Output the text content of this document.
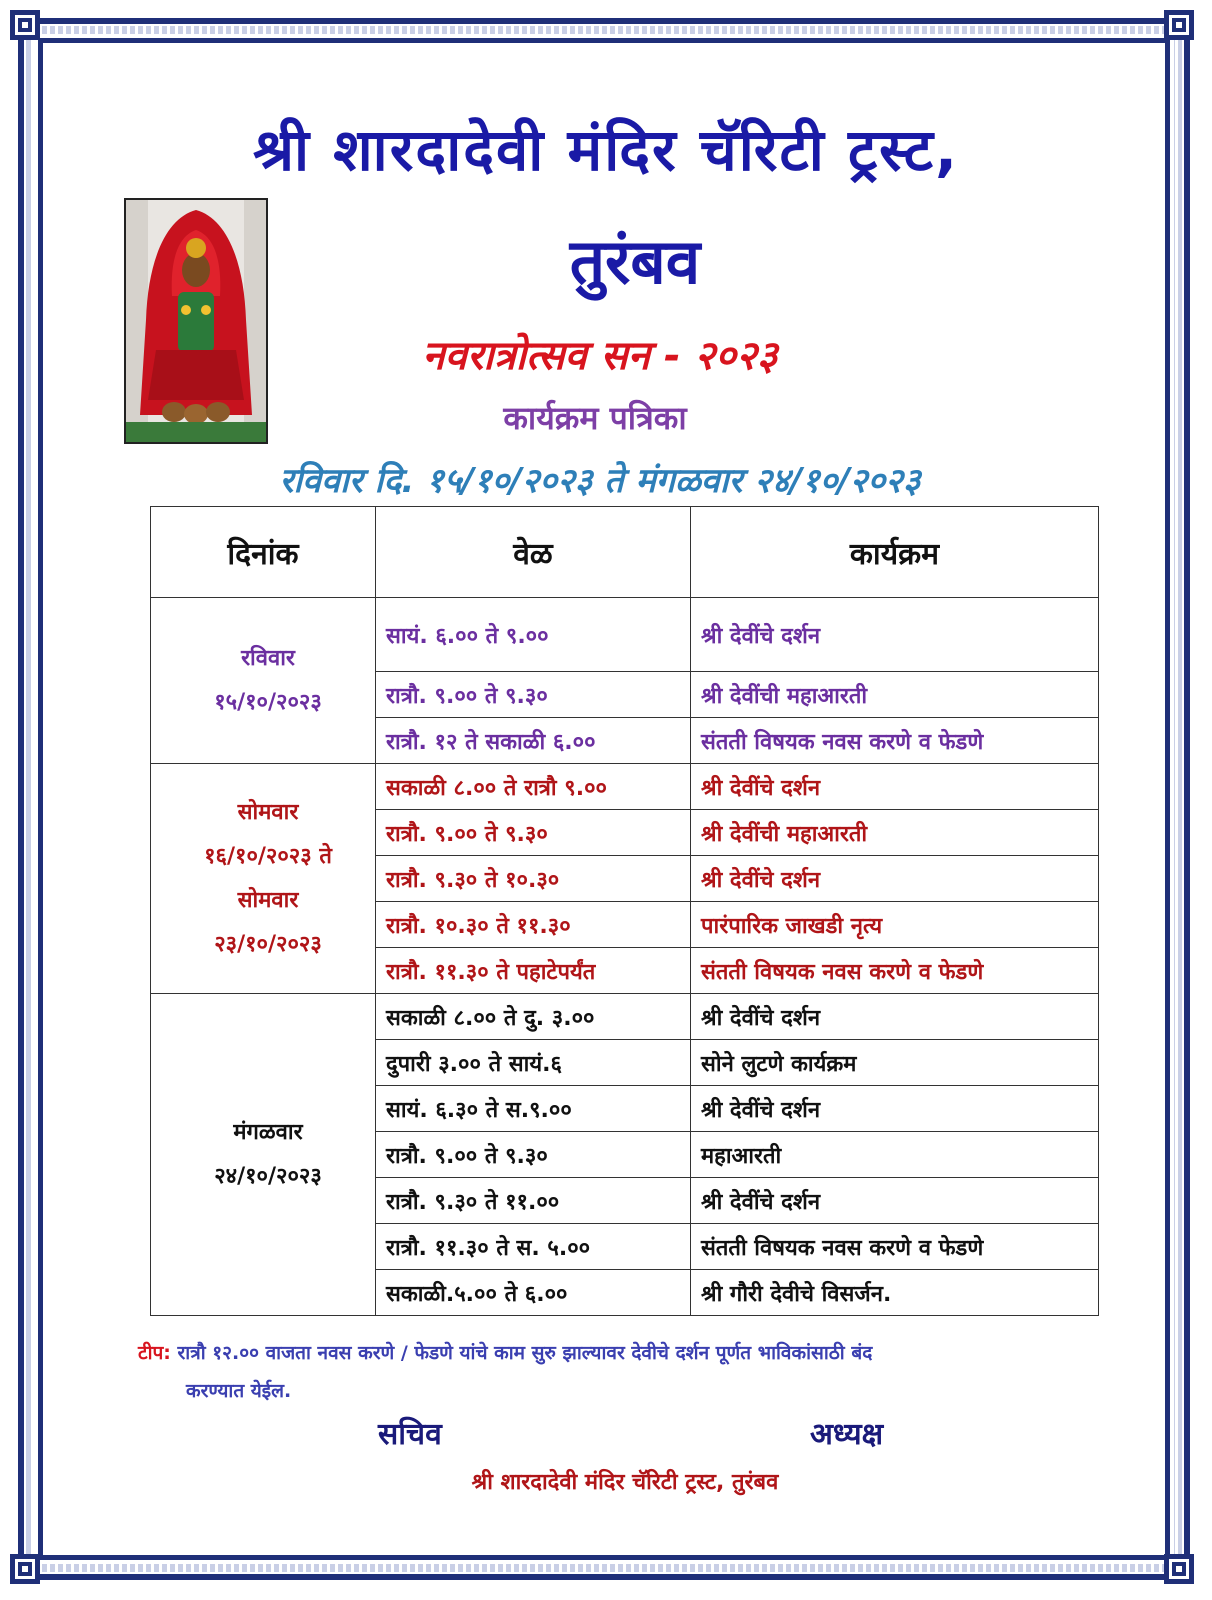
श्री शारदादेवी मंदिर चॅरिटी ट्रस्ट,
तुरंबव
नवरात्रोत्सव सन - २०२३
कार्यक्रम पत्रिका
रविवार दि. १५/१०/२०२३ ते मंगळवार २४/१०/२०२३
दिनांक	वेळ	कार्यक्रम

रविवार
१५/१०/२०२३	सायं. ६.०० ते ९.००	श्री देवींचे दर्शन
	रात्रौ. ९.०० ते ९.३०	श्री देवींची महाआरती
	रात्रौ. १२ ते सकाळी ६.००	संतती विषयक नवस करणे व फेडणे

सोमवार
१६/१०/२०२३ ते
सोमवार
२३/१०/२०२३	सकाळी ८.०० ते रात्रौ ९.००	श्री देवींचे दर्शन
	रात्रौ. ९.०० ते ९.३०	श्री देवींची महाआरती
	रात्रौ. ९.३० ते १०.३०	श्री देवींचे दर्शन
	रात्रौ. १०.३० ते ११.३०	पारंपारिक जाखडी नृत्य
	रात्रौ. ११.३० ते पहाटेपर्यंत	संतती विषयक नवस करणे व फेडणे

मंगळवार
२४/१०/२०२३	सकाळी ८.०० ते दु. ३.००	श्री देवींचे दर्शन
	दुपारी ३.०० ते सायं.६	सोने लुटणे कार्यक्रम
	सायं. ६.३० ते स.९.००	श्री देवींचे दर्शन
	रात्रौ. ९.०० ते ९.३०	महाआरती
	रात्रौ. ९.३० ते ११.००	श्री देवींचे दर्शन
	रात्रौ. ११.३० ते स. ५.००	संतती विषयक नवस करणे व फेडणे
	सकाळी.५.०० ते ६.००	श्री गौरी देवीचे विसर्जन.
टीप: रात्रौ १२.०० वाजता नवस करणे / फेडणे यांचे काम सुरु झाल्यावर देवीचे दर्शन पूर्णत भाविकांसाठी बंद
करण्यात येईल.
सचिव	अध्यक्ष
श्री शारदादेवी मंदिर चॅरिटी ट्रस्ट, तुरंबव
